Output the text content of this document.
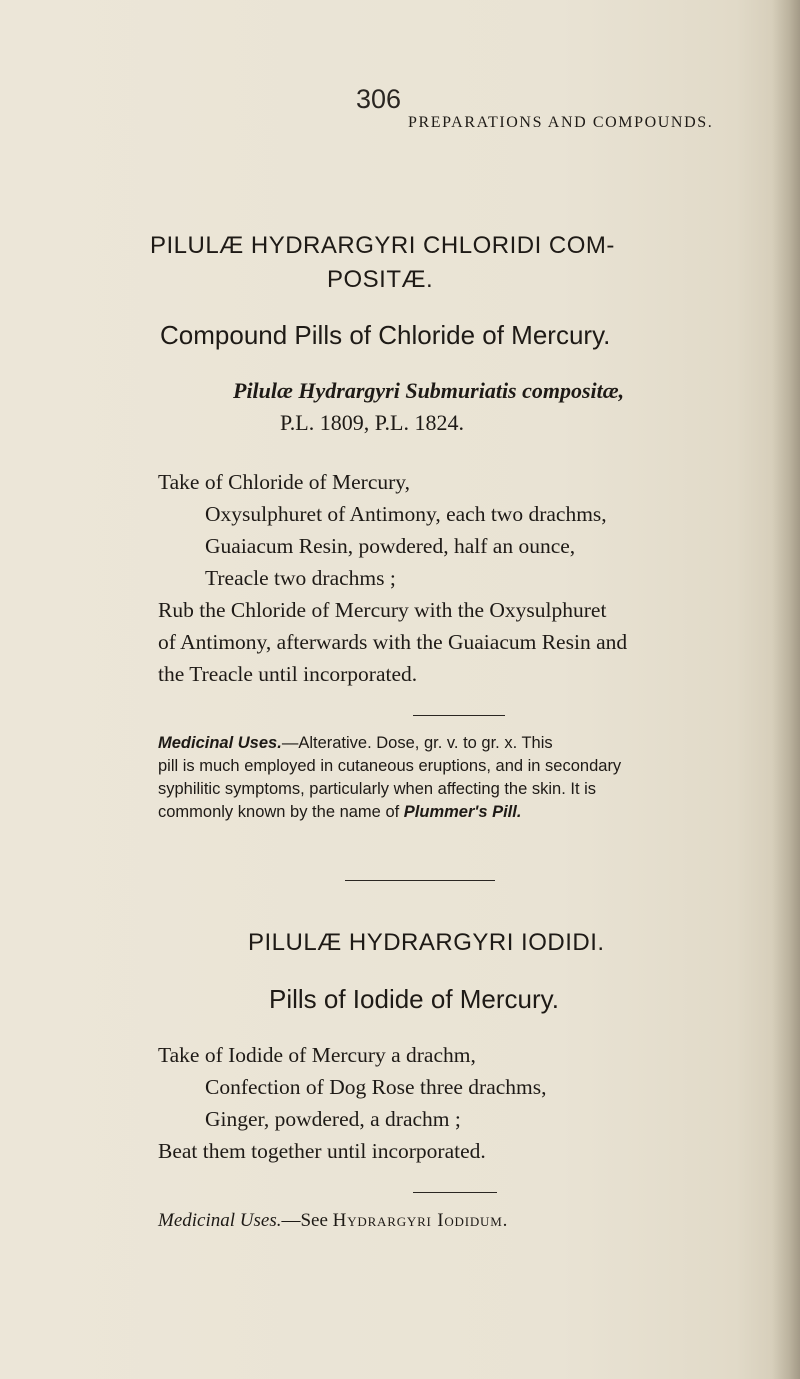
306
PREPARATIONS AND COMPOUNDS.
PILULÆ HYDRARGYRI CHLORIDI COM-
POSITÆ.
Compound Pills of Chloride of Mercury.
Pilulæ Hydrargyri Submuriatis compositæ,
P.L. 1809, P.L. 1824.
Take of Chloride of Mercury,
Oxysulphuret of Antimony, each two drachms,
Guaiacum Resin, powdered, half an ounce,
Treacle two drachms ;
Rub the Chloride of Mercury with the Oxysulphuret
of Antimony, afterwards with the Guaiacum Resin and
the Treacle until incorporated.
Medicinal Uses.—Alterative. Dose, gr. v. to gr. x. This
pill is much employed in cutaneous eruptions, and in secondary
syphilitic symptoms, particularly when affecting the skin. It is
commonly known by the name of Plummer's Pill.
PILULÆ HYDRARGYRI IODIDI.
Pills of Iodide of Mercury.
Take of Iodide of Mercury a drachm,
Confection of Dog Rose three drachms,
Ginger, powdered, a drachm ;
Beat them together until incorporated.
Medicinal Uses.—See Hydrargyri Iodidum.
